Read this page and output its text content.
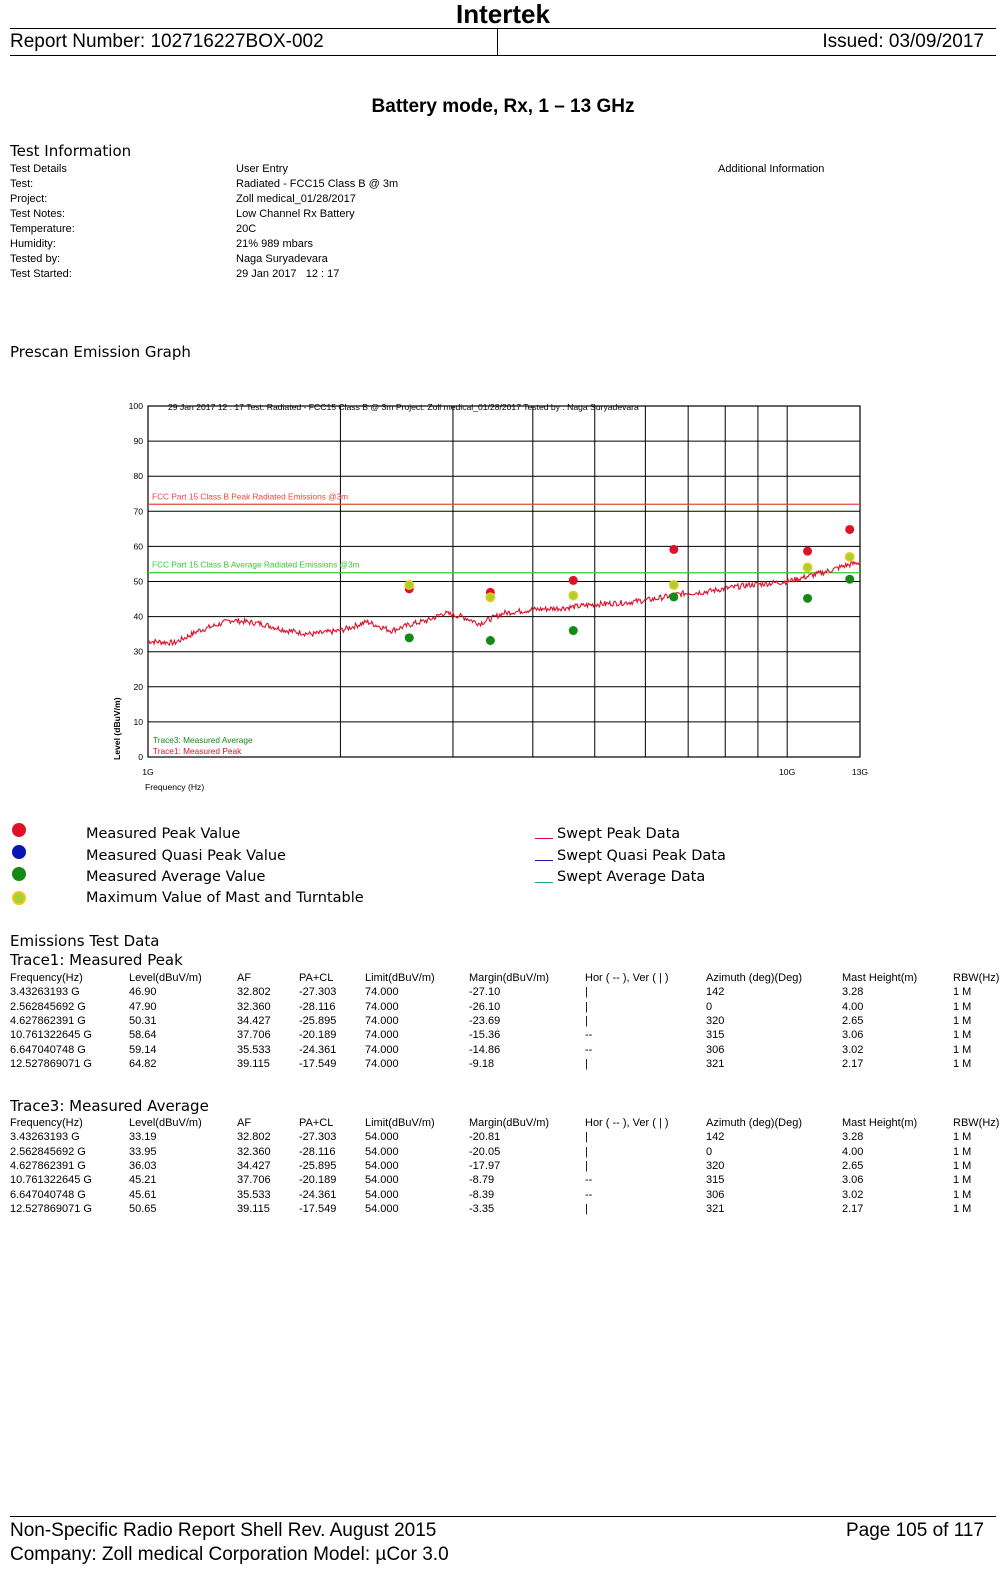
Intertek
Report Number: 102716227BOX-002	Issued: 03/09/2017
Battery mode, Rx, 1 – 13 GHz
Test Information
Test Details	User Entry	Additional Information
Test:	Radiated - FCC15 Class B @ 3m
Project:	Zoll medical_01/28/2017
Test Notes:	Low Channel Rx Battery
Temperature:	20C
Humidity:	21% 989 mbars
Tested by:	Naga Suryadevara
Test Started:	29 Jan 2017   12 : 17
Prescan Emission Graph
0
10
20
30
40
50
60
70
80
90
100
1G	10G	13G
29 Jan 2017 12 : 17 Test: Radiated - FCC15 Class B @ 3m Project: Zoll medical_01/28/2017 Tested by : Naga Suryadevara
FCC Part 15 Class B Peak Radiated Emissions @3m
FCC Part 15 Class B Average Radiated Emissions @3m
Trace3: Measured Average
Trace1: Measured Peak
Frequency (Hz)
Level (dBuV/m)
Measured Peak Value
Measured Quasi Peak Value
Measured Average Value
Maximum Value of Mast and Turntable
Swept Peak Data
Swept Quasi Peak Data
Swept Average Data
Emissions Test Data
Trace1: Measured Peak
Frequency(Hz)	Level(dBuV/m)	AF	PA+CL	Limit(dBuV/m)	Margin(dBuV/m)	Hor ( -- ), Ver ( | )	Azimuth (deg)(Deg)	Mast Height(m)	RBW(Hz)
3.43263193 G	46.90	32.802	-27.303	74.000	-27.10	|	142	3.28	1 M
2.562845692 G	47.90	32.360	-28.116	74.000	-26.10	|	0	4.00	1 M
4.627862391 G	50.31	34.427	-25.895	74.000	-23.69	|	320	2.65	1 M
10.761322645 G	58.64	37.706	-20.189	74.000	-15.36	--	315	3.06	1 M
6.647040748 G	59.14	35.533	-24.361	74.000	-14.86	--	306	3.02	1 M
12.527869071 G	64.82	39.115	-17.549	74.000	-9.18	|	321	2.17	1 M
Trace3: Measured Average
Frequency(Hz)	Level(dBuV/m)	AF	PA+CL	Limit(dBuV/m)	Margin(dBuV/m)	Hor ( -- ), Ver ( | )	Azimuth (deg)(Deg)	Mast Height(m)	RBW(Hz)
3.43263193 G	33.19	32.802	-27.303	54.000	-20.81	|	142	3.28	1 M
2.562845692 G	33.95	32.360	-28.116	54.000	-20.05	|	0	4.00	1 M
4.627862391 G	36.03	34.427	-25.895	54.000	-17.97	|	320	2.65	1 M
10.761322645 G	45.21	37.706	-20.189	54.000	-8.79	--	315	3.06	1 M
6.647040748 G	45.61	35.533	-24.361	54.000	-8.39	--	306	3.02	1 M
12.527869071 G	50.65	39.115	-17.549	54.000	-3.35	|	321	2.17	1 M
Non-Specific Radio Report Shell Rev. August 2015	Page 105 of 117
Company: Zoll medical Corporation Model: µCor 3.0
